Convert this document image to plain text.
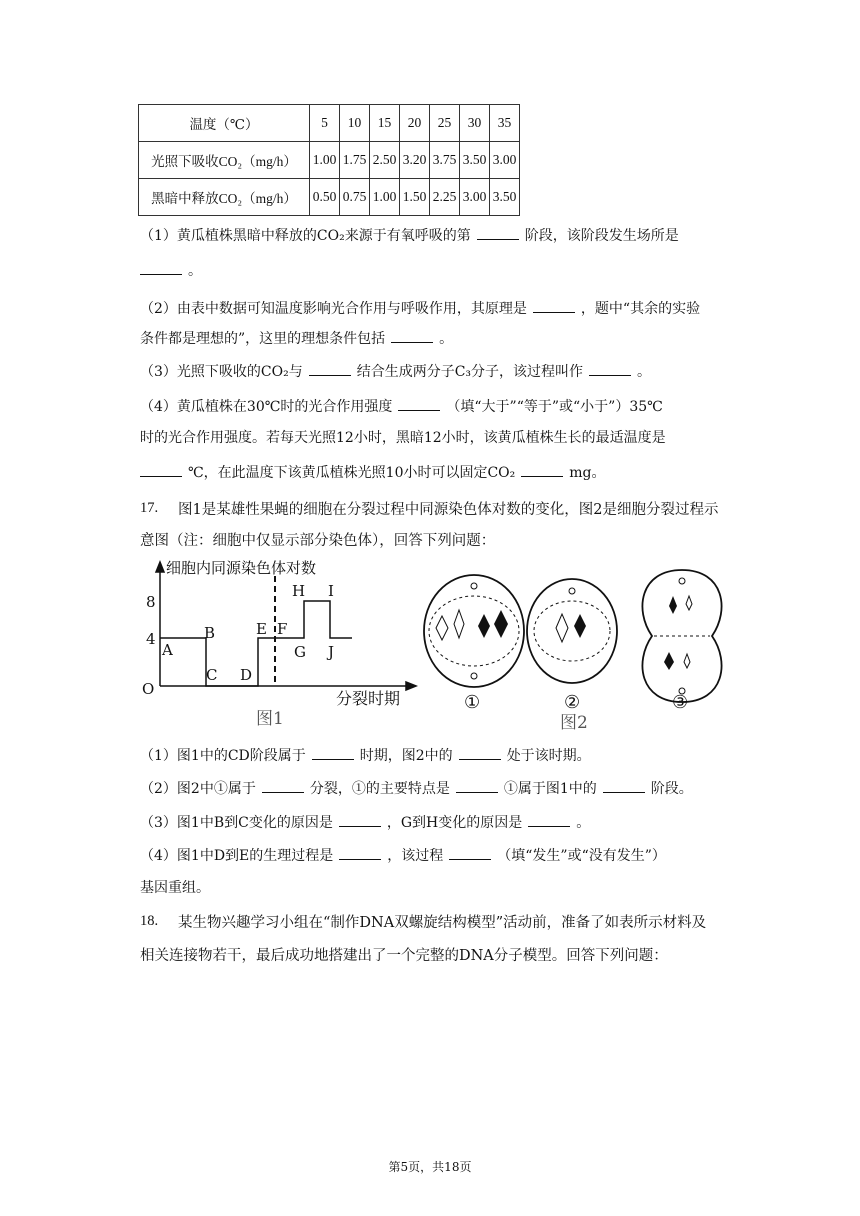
温度（℃）	5	10	15	20	25	30	35
光照下吸收CO₂（mg/h）	1.00	1.75	2.50	3.20	3.75	3.50	3.00
黑暗中释放CO₂（mg/h）	0.50	0.75	1.00	1.50	2.25	3.00	3.50
（1）黄瓜植株黑暗中释放的CO₂来源于有氧呼吸的第	阶段，该阶段发生场所是
。
（2）由表中数据可知温度影响光合作用与呼吸作用，其原理是	，题中“其余的实验
条件都是理想的”，这里的理想条件包括	。
（3）光照下吸收的CO₂与	结合生成两分子C₃分子，该过程叫作	。
（4）黄瓜植株在30℃时的光合作用强度	（填“大于”“等于”或“小于”）35℃
时的光合作用强度。若每天光照12小时，黑暗12小时，该黄瓜植株生长的最适温度是
℃，在此温度下该黄瓜植株光照10小时可以固定CO₂	mg。
17. 图1是某雄性果蝇的细胞在分裂过程中同源染色体对数的变化，图2是细胞分裂过程示
意图（注：细胞中仅显示部分染色体），回答下列问题：
细胞内同源染色体对数
分裂时期
8
4
O
A
B
C D
E F
G
H I
J
图1
①	②	③
图2
（1）图1中的CD阶段属于	时期，图2中的	处于该时期。
（2）图2中①属于	分裂，①的主要特点是	①属于图1中的	阶段。
（3）图1中B到C变化的原因是	，G到H变化的原因是	。
（4）图1中D到E的生理过程是	，该过程	（填“发生”或“没有发生”）
基因重组。
18. 某生物兴趣学习小组在“制作DNA双螺旋结构模型”活动前，准备了如表所示材料及
相关连接物若干，最后成功地搭建出了一个完整的DNA分子模型。回答下列问题：
第5页，共18页
